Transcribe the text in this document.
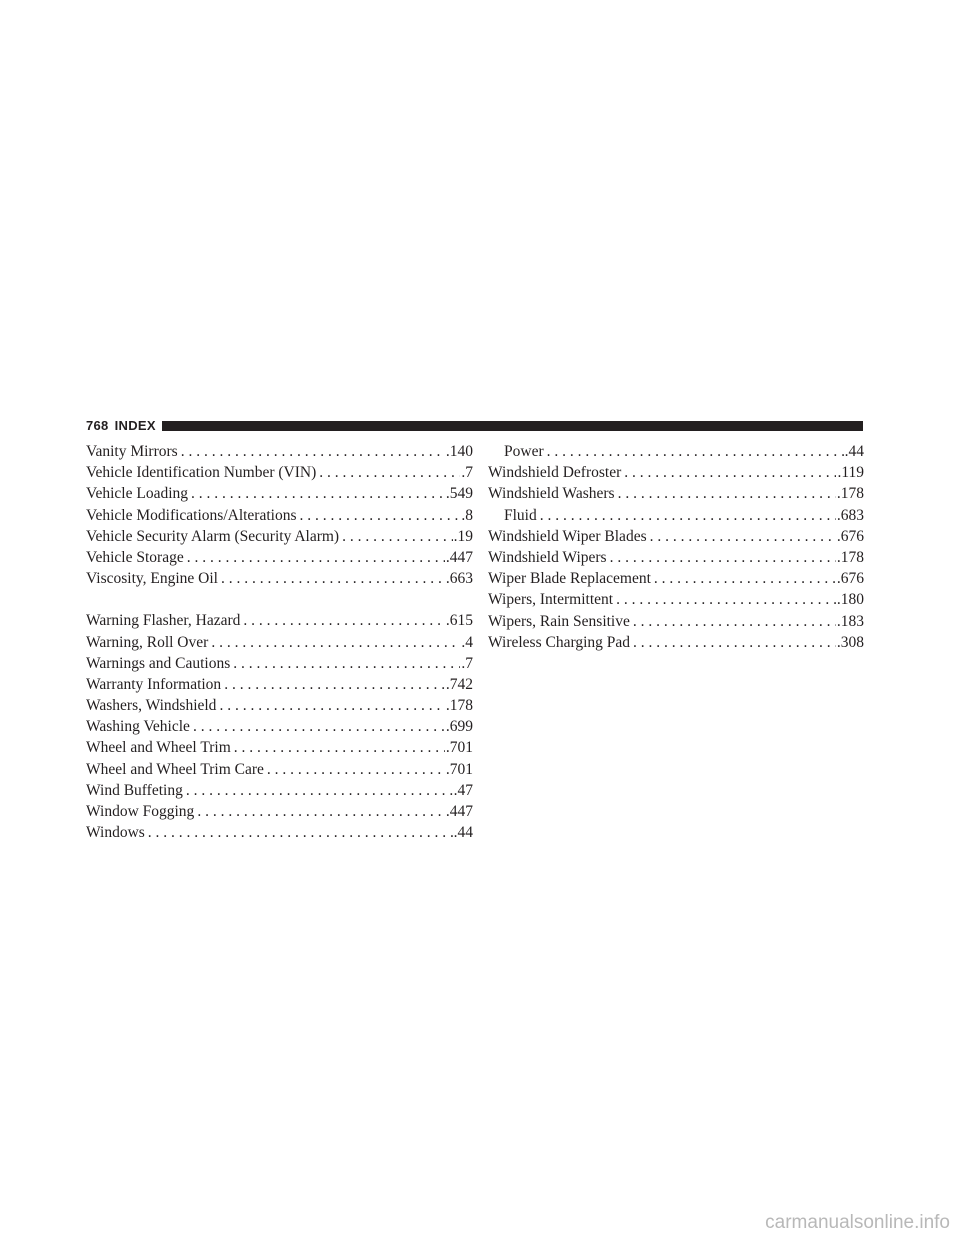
768 INDEX
Vanity Mirrors . . .	.140
Vehicle Identification Number (VIN) . . .	.7
Vehicle Loading . . .	.549
Vehicle Modifications/Alterations . . .	.8
Vehicle Security Alarm (Security Alarm) . . .	.19
Vehicle Storage . . .	.447
Viscosity, Engine Oil . . .	.663
Warning Flasher, Hazard . . .	.615
Warning, Roll Over . . .	.4
Warnings and Cautions . . .	.7
Warranty Information . . .	.742
Washers, Windshield . . .	.178
Washing Vehicle . . .	.699
Wheel and Wheel Trim . . .	.701
Wheel and Wheel Trim Care . . .	.701
Wind Buffeting . . .	.47
Window Fogging . . .	.447
Windows . . .	.44
Power . . .	.44
Windshield Defroster . . .	.119
Windshield Washers . . .	.178
Fluid . . .	.683
Windshield Wiper Blades . . .	.676
Windshield Wipers . . .	.178
Wiper Blade Replacement . . .	.676
Wipers, Intermittent . . .	.180
Wipers, Rain Sensitive . . .	.183
Wireless Charging Pad . . .	.308
carmanualsonline.info
